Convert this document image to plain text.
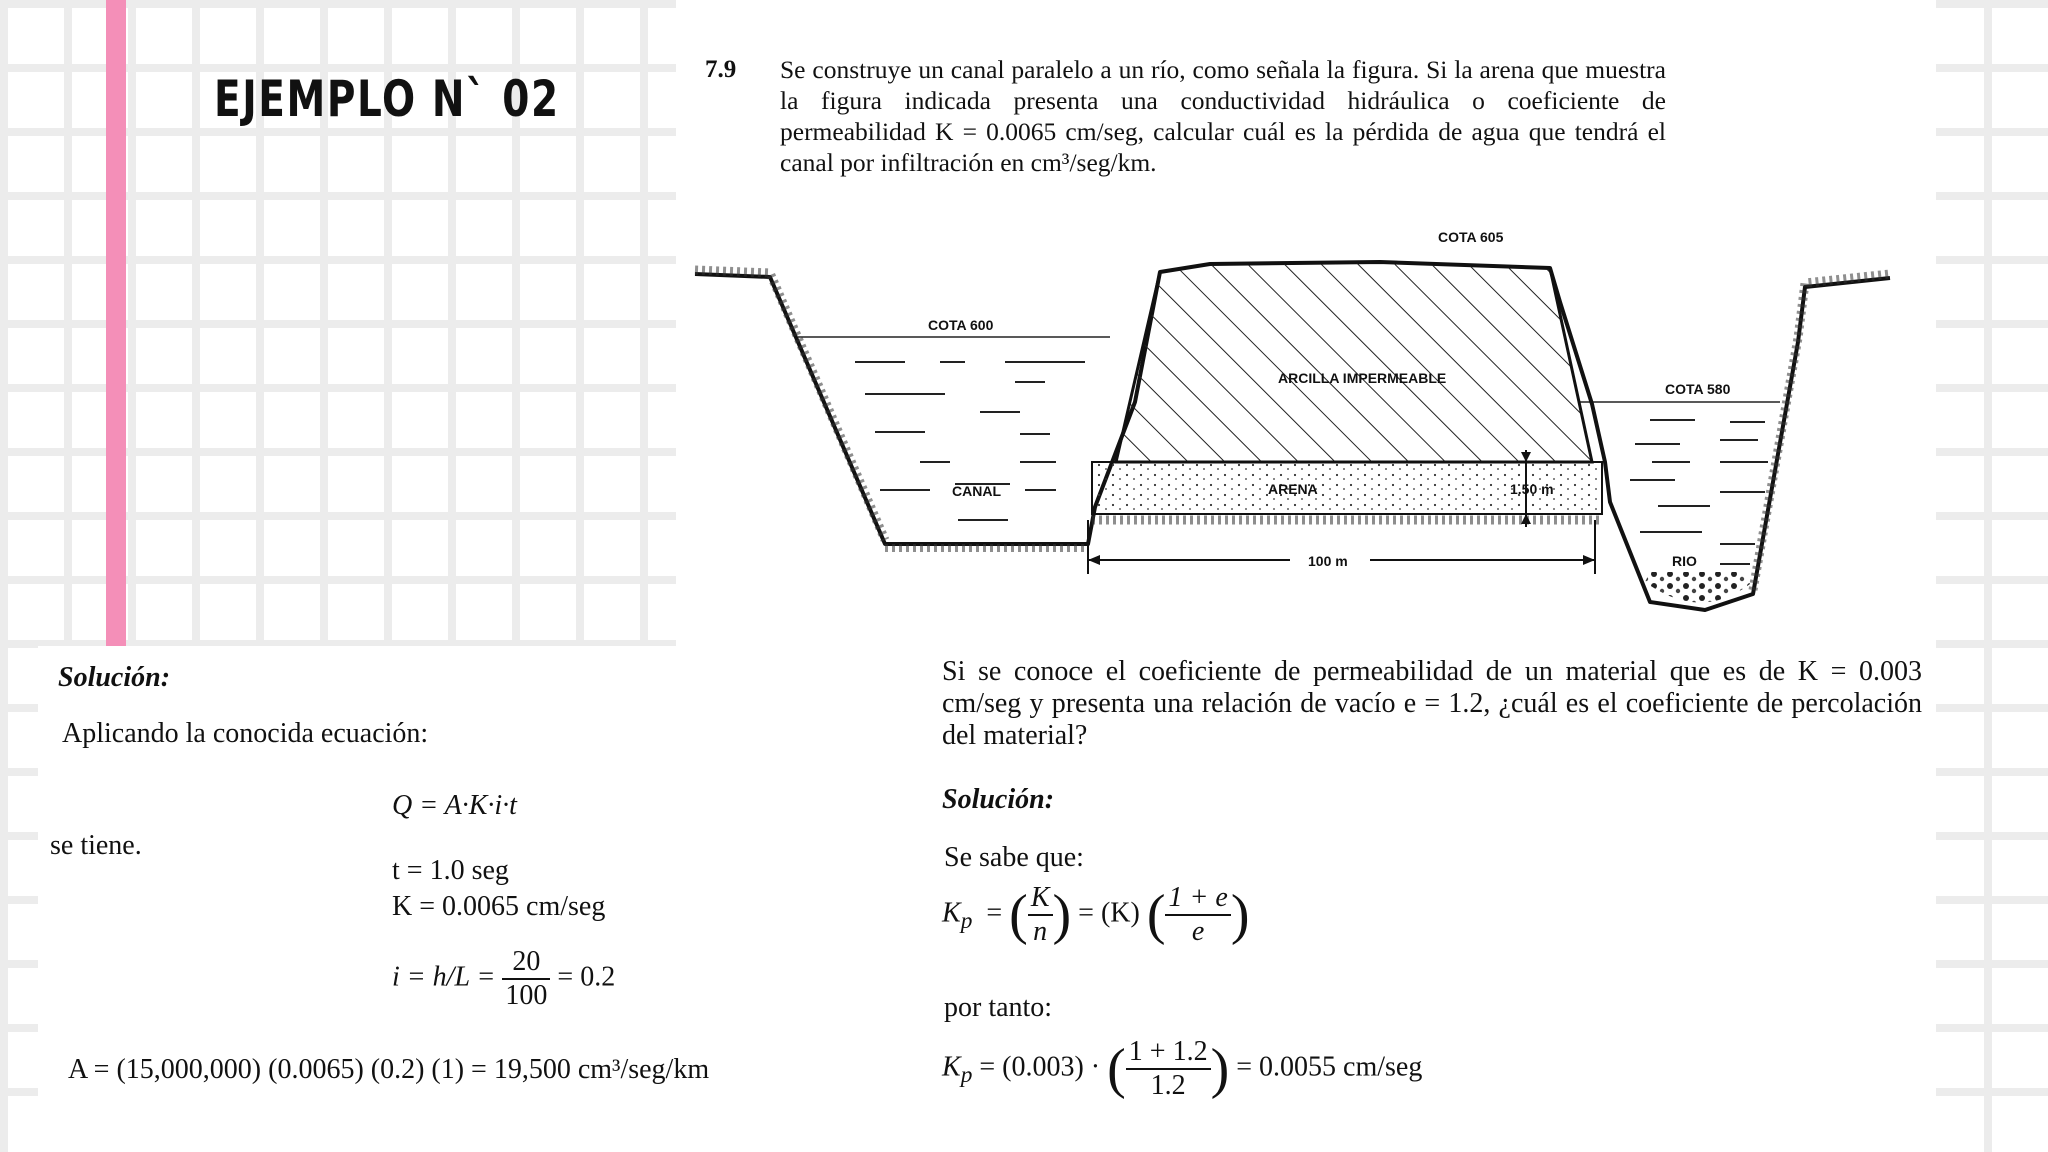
EJEMPLO N` 02
7.9 Se construye un canal paralelo a un río, como señala la figura. Si la arena que muestra la figura indicada presenta una conductividad hidráulica o coeficiente de permeabilidad K = 0.0065 cm/seg, calcular cuál es la pérdida de agua que tendrá el canal por infiltración en cm³/seg/km.
COTA 605
COTA 600
COTA 580
ARCILLA IMPERMEABLE
CANAL	ARENA	1.50 m
100 m	RIO
Solución:
Aplicando la conocida ecuación:
Q = A·K·i·t
se tiene.
t = 1.0 seg
K = 0.0065 cm/seg
$i = h/L = \frac{20}{100} = 0.2$
A = (15,000,000) (0.0065) (0.2) (1) = 19,500 cm³/seg/km
Si se conoce el coeficiente de permeabilidad de un material que es de K = 0.003 cm/seg y presenta una relación de vacío e = 1.2, ¿cuál es el coeficiente de percolación del material?
Solución:
Se sabe que:
$K_p$  = ( $\frac{K}{n}$ ) = (K) ( $\frac{1 + e}{e}$ )
por tanto:
$K_p = (0.003)$ · ( $\frac{1 + 1.2}{1.2}$ ) = 0.0055 cm/seg
